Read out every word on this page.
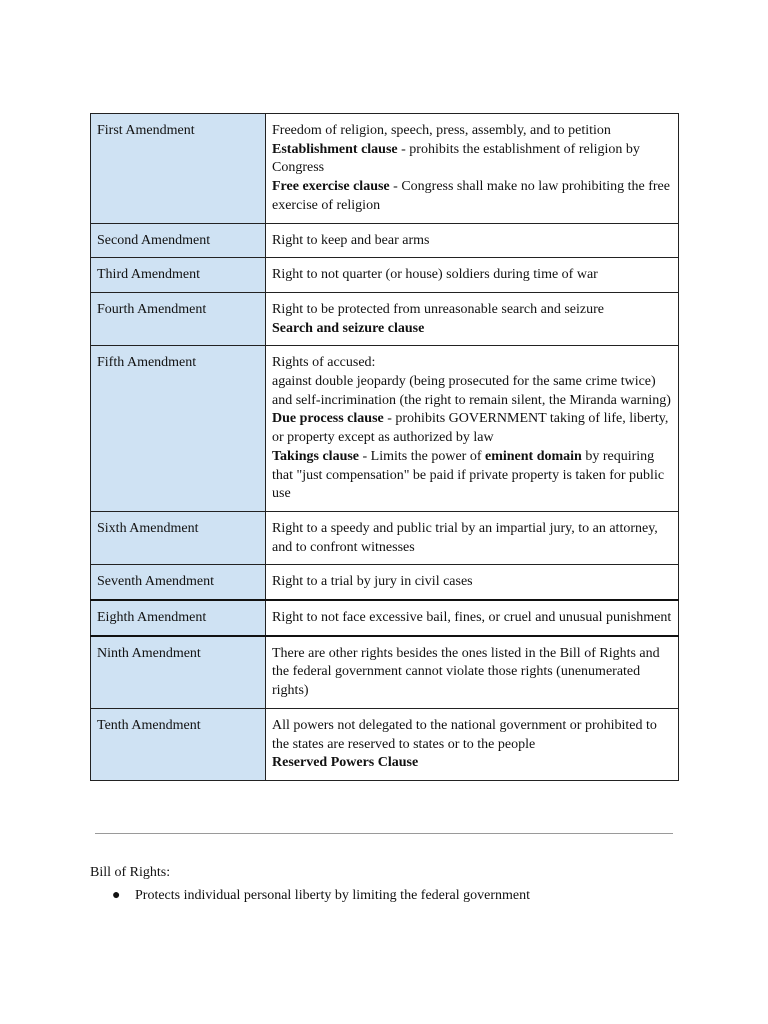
First Amendment	Freedom of religion, speech, press, assembly, and to petition
Establishment clause - prohibits the establishment of religion by Congress
Free exercise clause - Congress shall make no law prohibiting the free exercise of religion

Second Amendment	Right to keep and bear arms

Third Amendment	Right to not quarter (or house) soldiers during time of war

Fourth Amendment	Right to be protected from unreasonable search and seizure
Search and seizure clause

Fifth Amendment	Rights of accused:
against double jeopardy (being prosecuted for the same crime twice) and self-incrimination (the right to remain silent, the Miranda warning)
Due process clause - prohibits GOVERNMENT taking of life, liberty, or property except as authorized by law
Takings clause - Limits the power of eminent domain by requiring that "just compensation" be paid if private property is taken for public use

Sixth Amendment	Right to a speedy and public trial by an impartial jury, to an attorney, and to confront witnesses

Seventh Amendment	Right to a trial by jury in civil cases

Eighth Amendment	Right to not face excessive bail, fines, or cruel and unusual punishment

Ninth Amendment	There are other rights besides the ones listed in the Bill of Rights and the federal government cannot violate those rights (unenumerated rights)

Tenth Amendment	All powers not delegated to the national government or prohibited to the states are reserved to states or to the people
Reserved Powers Clause
Bill of Rights:
● Protects individual personal liberty by limiting the federal government
